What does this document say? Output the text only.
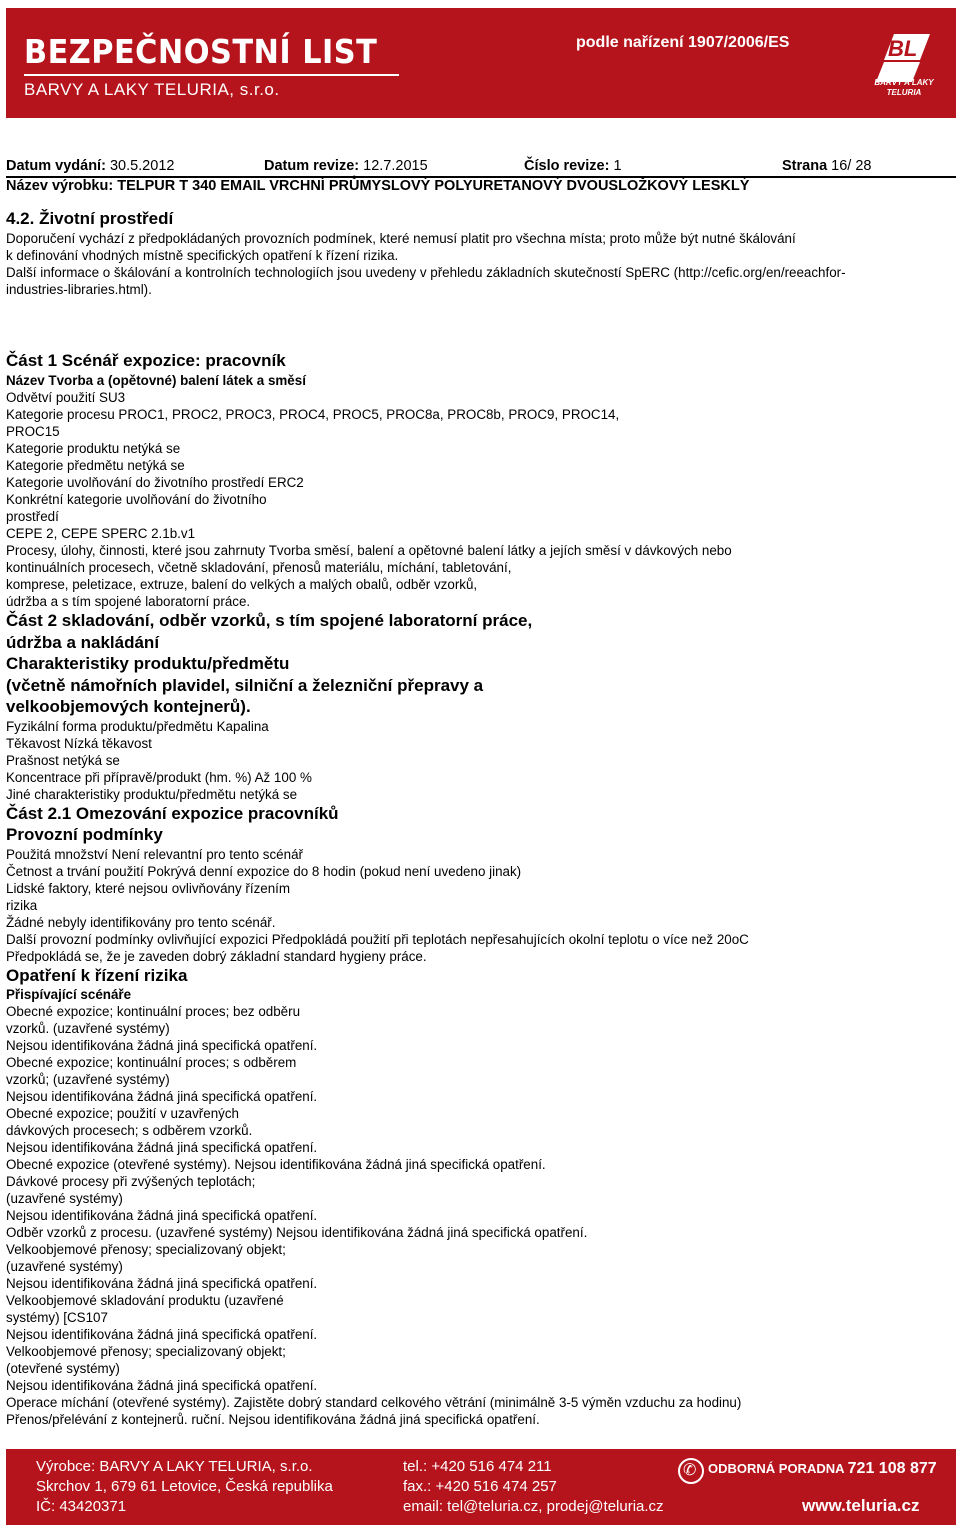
BEZPEČNOSTNÍ LIST
BARVY A LAKY TELURIA, s.r.o.
podle nařízení 1907/2006/ES	BL
BARVY A LAKY
TELURIA
Datum vydání: 30.5.2012	Datum revize: 12.7.2015	Číslo revize: 1	Strana 16/ 28
Název výrobku: TELPUR T 340 EMAIL VRCHNÍ PRŮMYSLOVÝ POLYURETANOVÝ DVOUSLOŽKOVÝ LESKLÝ
4.2. Životní prostředí

Doporučení vychází z předpokládaných provozních podmínek, které nemusí platit pro všechna místa; proto může být nutné škálování

k definování vhodných místně specifických opatření k řízení rizika.

Další informace o škálování a kontrolních technologiích jsou uvedeny v přehledu základních skutečností SpERC (http://cefic.org/en/reeachfor-

industries-libraries.html).

Část 1 Scénář expozice: pracovník

Název Tvorba a (opětovné) balení látek a směsí

Odvětví použití SU3

Kategorie procesu PROC1, PROC2, PROC3, PROC4, PROC5, PROC8a, PROC8b, PROC9, PROC14,

PROC15

Kategorie produktu netýká se

Kategorie předmětu netýká se

Kategorie uvolňování do životního prostředí ERC2

Konkrétní kategorie uvolňování do životního

prostředí

CEPE 2, CEPE SPERC 2.1b.v1

Procesy, úlohy, činnosti, které jsou zahrnuty Tvorba směsí, balení a opětovné balení látky a jejích směsí v dávkových nebo

kontinuálních procesech, včetně skladování, přenosů materiálu, míchání, tabletování,

komprese, peletizace, extruze, balení do velkých a malých obalů, odběr vzorků,

údržba a s tím spojené laboratorní práce.

Část 2 skladování, odběr vzorků, s tím spojené laboratorní práce,

údržba a nakládání

Charakteristiky produktu/předmětu

(včetně námořních plavidel, silniční a železniční přepravy a

velkoobjemových kontejnerů).

Fyzikální forma produktu/předmětu Kapalina

Těkavost Nízká těkavost

Prašnost netýká se

Koncentrace při přípravě/produkt (hm. %) Až 100 %

Jiné charakteristiky produktu/předmětu netýká se

Část 2.1 Omezování expozice pracovníků

Provozní podmínky

Použitá množství Není relevantní pro tento scénář

Četnost a trvání použití Pokrývá denní expozice do 8 hodin (pokud není uvedeno jinak)

Lidské faktory, které nejsou ovlivňovány řízením

rizika

Žádné nebyly identifikovány pro tento scénář.

Další provozní podmínky ovlivňující expozici Předpokládá použití při teplotách nepřesahujících okolní teplotu o více než 20oC

Předpokládá se, že je zaveden dobrý základní standard hygieny práce.

Opatření k řízení rizika

Přispívající scénáře

Obecné expozice; kontinuální proces; bez odběru

vzorků. (uzavřené systémy)

Nejsou identifikována žádná jiná specifická opatření.

Obecné expozice; kontinuální proces; s odběrem

vzorků; (uzavřené systémy)

Nejsou identifikována žádná jiná specifická opatření.

Obecné expozice; použití v uzavřených

dávkových procesech; s odběrem vzorků.

Nejsou identifikována žádná jiná specifická opatření.

Obecné expozice (otevřené systémy). Nejsou identifikována žádná jiná specifická opatření.

Dávkové procesy při zvýšených teplotách;

(uzavřené systémy)

Nejsou identifikována žádná jiná specifická opatření.

Odběr vzorků z procesu. (uzavřené systémy) Nejsou identifikována žádná jiná specifická opatření.

Velkoobjemové přenosy; specializovaný objekt;

(uzavřené systémy)

Nejsou identifikována žádná jiná specifická opatření.

Velkoobjemové skladování produktu (uzavřené

systémy) [CS107

Nejsou identifikována žádná jiná specifická opatření.

Velkoobjemové přenosy; specializovaný objekt;

(otevřené systémy)

Nejsou identifikována žádná jiná specifická opatření.

Operace míchání (otevřené systémy). Zajistěte dobrý standard celkového větrání (minimálně 3-5 výměn vzduchu za hodinu)

Přenos/přelévání z kontejnerů. ruční. Nejsou identifikována žádná jiná specifická opatření.

Výrobce: BARVY A LAKY TELURIA, s.r.o.
Skrchov 1, 679 61 Letovice, Česká republika
IČ: 43420371
tel.: +420 516 474 211
fax.: +420 516 474 257
email: tel@teluria.cz, prodej@teluria.cz
✆
ODBORNÁ PORADNA 721 108 877
www.teluria.cz
